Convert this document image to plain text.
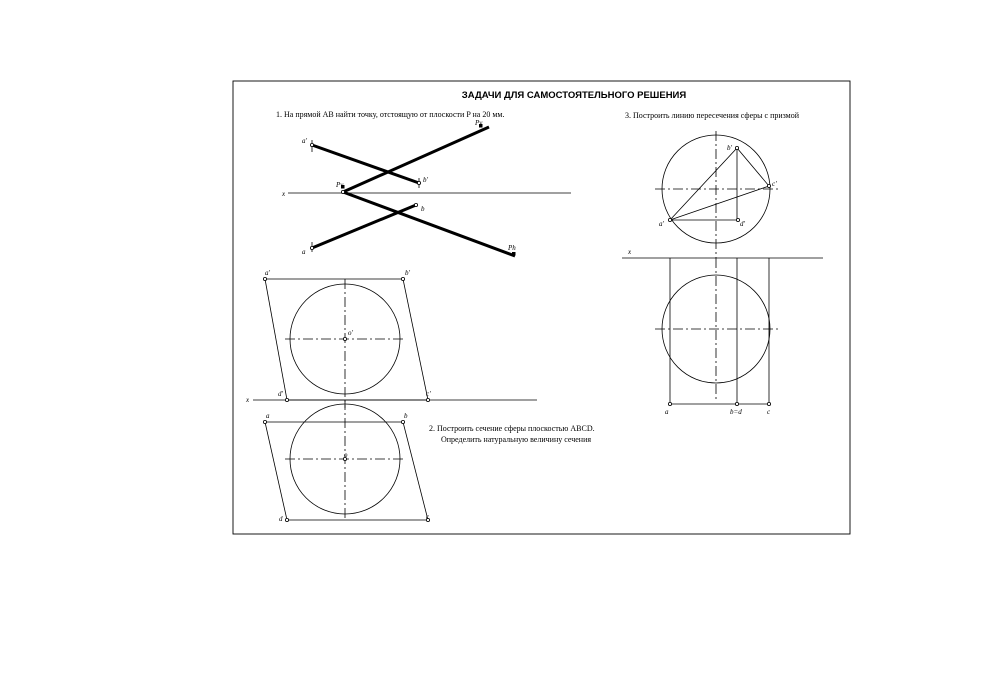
ЗАДАЧИ ДЛЯ САМОСТОЯТЕЛЬНОГО РЕШЕНИЯ
1. На прямой AB найти точку, отстоящую от плоскости P на 20 мм.	3. Построить линию пересечения сферы с призмой
2. Построить сечение сферы плоскостью ABCD.
Определить натуральную величину сечения
x
Pv
Ph
Pv
a'
b'
a
b
x
o'
a'	b'
c'
d'
o
a	b
c
d
x
a'
b'
c'
d'
a	b=d	c
